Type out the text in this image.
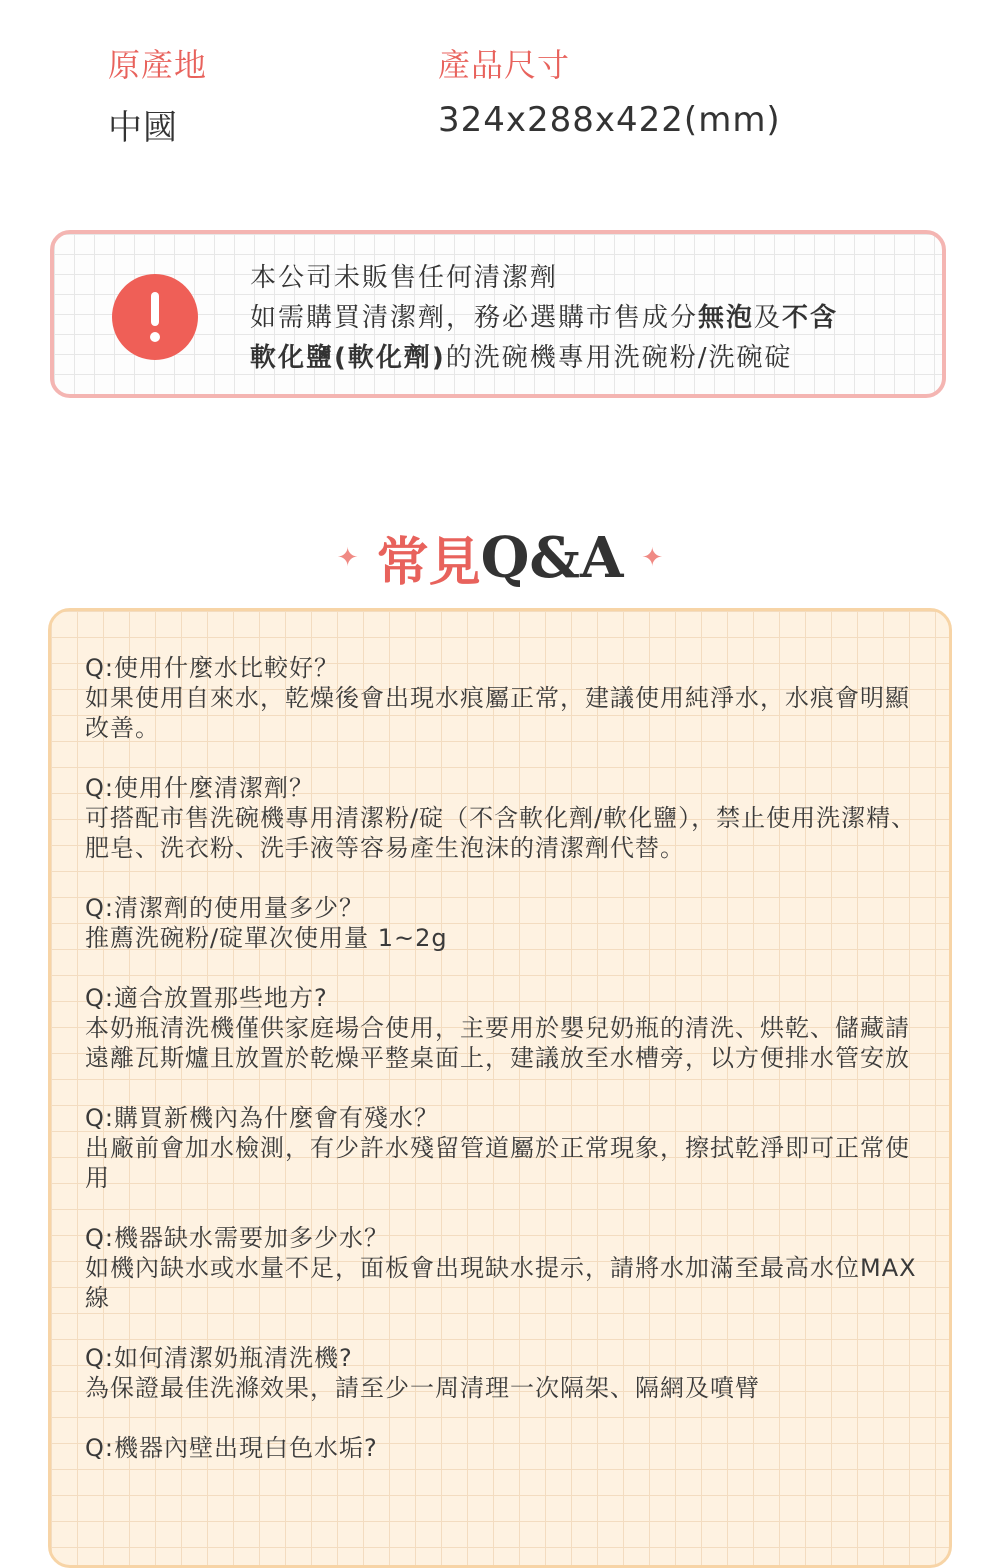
原產地
中國
產品尺寸
324x288x422(mm)
本公司未販售任何清潔劑
如需購買清潔劑，務必選購市售成分無泡及不含
軟化鹽(軟化劑)的洗碗機專用洗碗粉/洗碗碇
✦ 常見Q&A ✦
Q:使用什麼水比較好？
如果使用自來水，乾燥後會出現水痕屬正常，建議使用純淨水，水痕會明顯改善。
Q:使用什麼清潔劑？
可搭配市售洗碗機專用清潔粉/碇（不含軟化劑/軟化鹽），禁止使用洗潔精、肥皂、洗衣粉、洗手液等容易產生泡沫的清潔劑代替。
Q:清潔劑的使用量多少？
推薦洗碗粉/碇單次使用量 1~2g
Q:適合放置那些地方?
本奶瓶清洗機僅供家庭場合使用，主要用於嬰兒奶瓶的清洗、烘乾、儲藏請遠離瓦斯爐且放置於乾燥平整桌面上，建議放至水槽旁，以方便排水管安放
Q:購買新機內為什麼會有殘水？
出廠前會加水檢測，有少許水殘留管道屬於正常現象，擦拭乾淨即可正常使用
Q:機器缺水需要加多少水？
如機內缺水或水量不足，面板會出現缺水提示，請將水加滿至最高水位MAX線
Q:如何清潔奶瓶清洗機?
為保證最佳洗滌效果，請至少一周清理一次隔架、隔網及噴臂
Q:機器內壁出現白色水垢?
